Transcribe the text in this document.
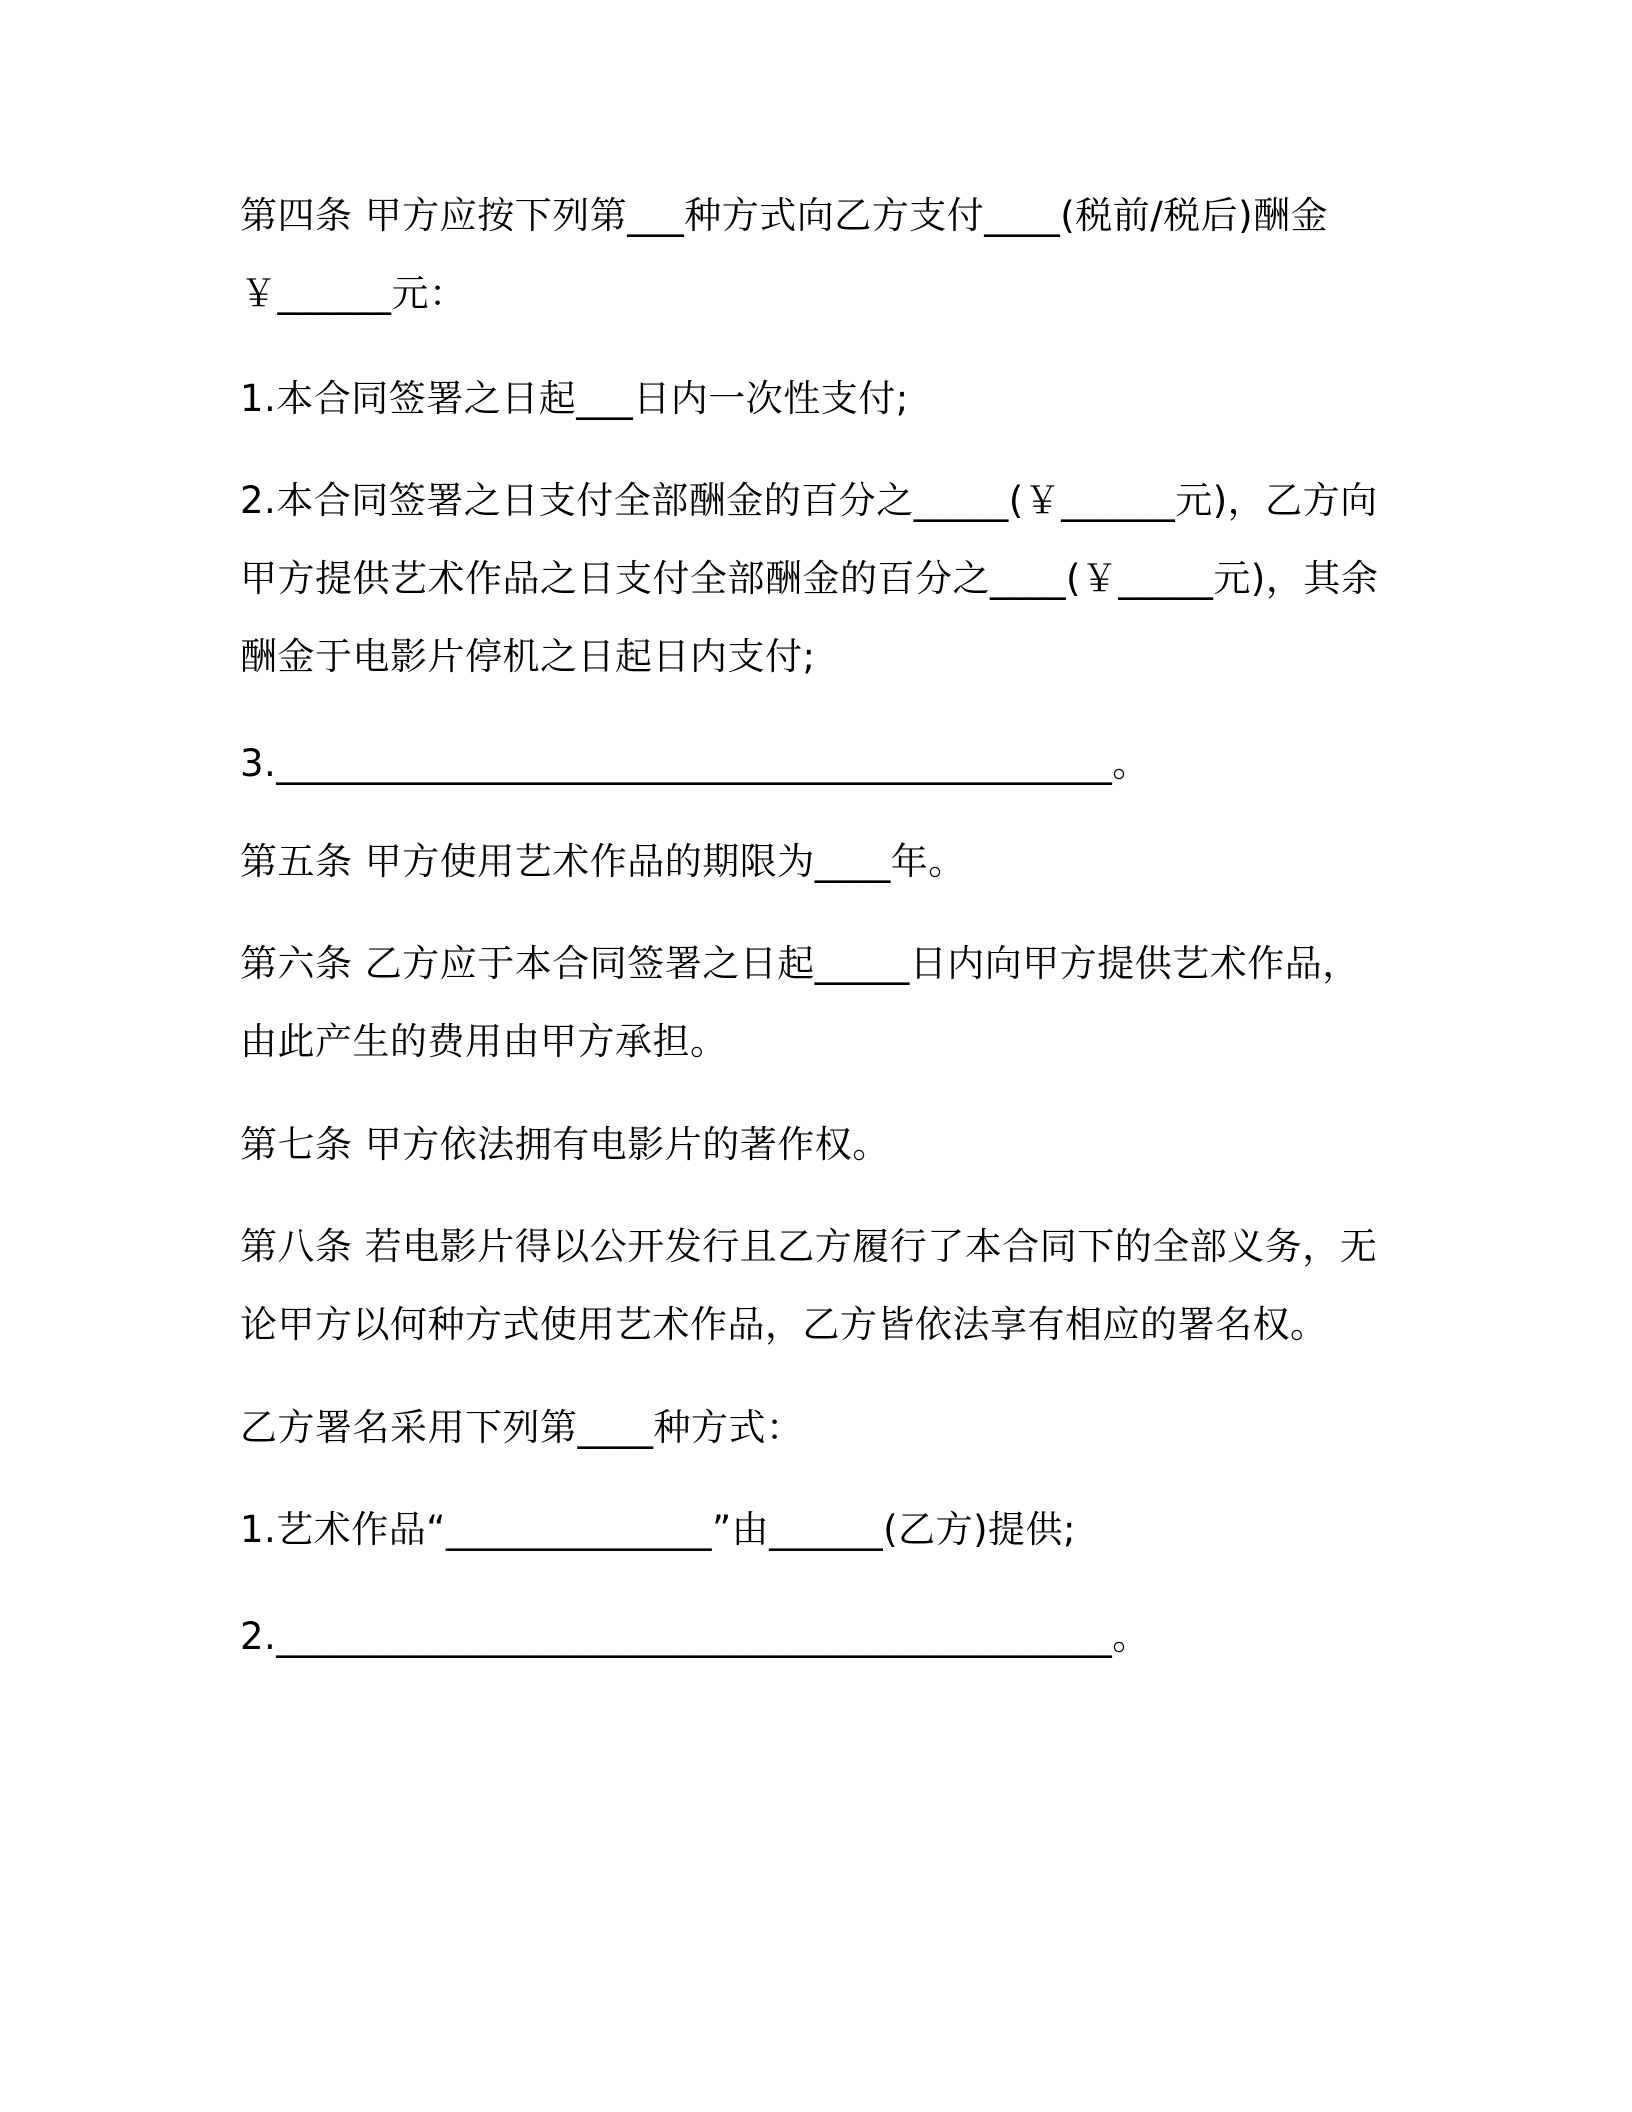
第四条 甲方应按下列第___种方式向乙方支付____(税前/税后)酬金

￥______元：

1.本合同签署之日起___日内一次性支付;

2.本合同签署之日支付全部酬金的百分之_____(￥______元)，乙方向

甲方提供艺术作品之日支付全部酬金的百分之____(￥_____元)，其余

酬金于电影片停机之日起日内支付;

3.____________________________________________。

第五条 甲方使用艺术作品的期限为____年。

第六条 乙方应于本合同签署之日起_____日内向甲方提供艺术作品，

由此产生的费用由甲方承担。

第七条 甲方依法拥有电影片的著作权。

第八条 若电影片得以公开发行且乙方履行了本合同下的全部义务，无

论甲方以何种方式使用艺术作品，乙方皆依法享有相应的署名权。

乙方署名采用下列第____种方式：

1.艺术作品“______________”由______(乙方)提供;

2.____________________________________________。
